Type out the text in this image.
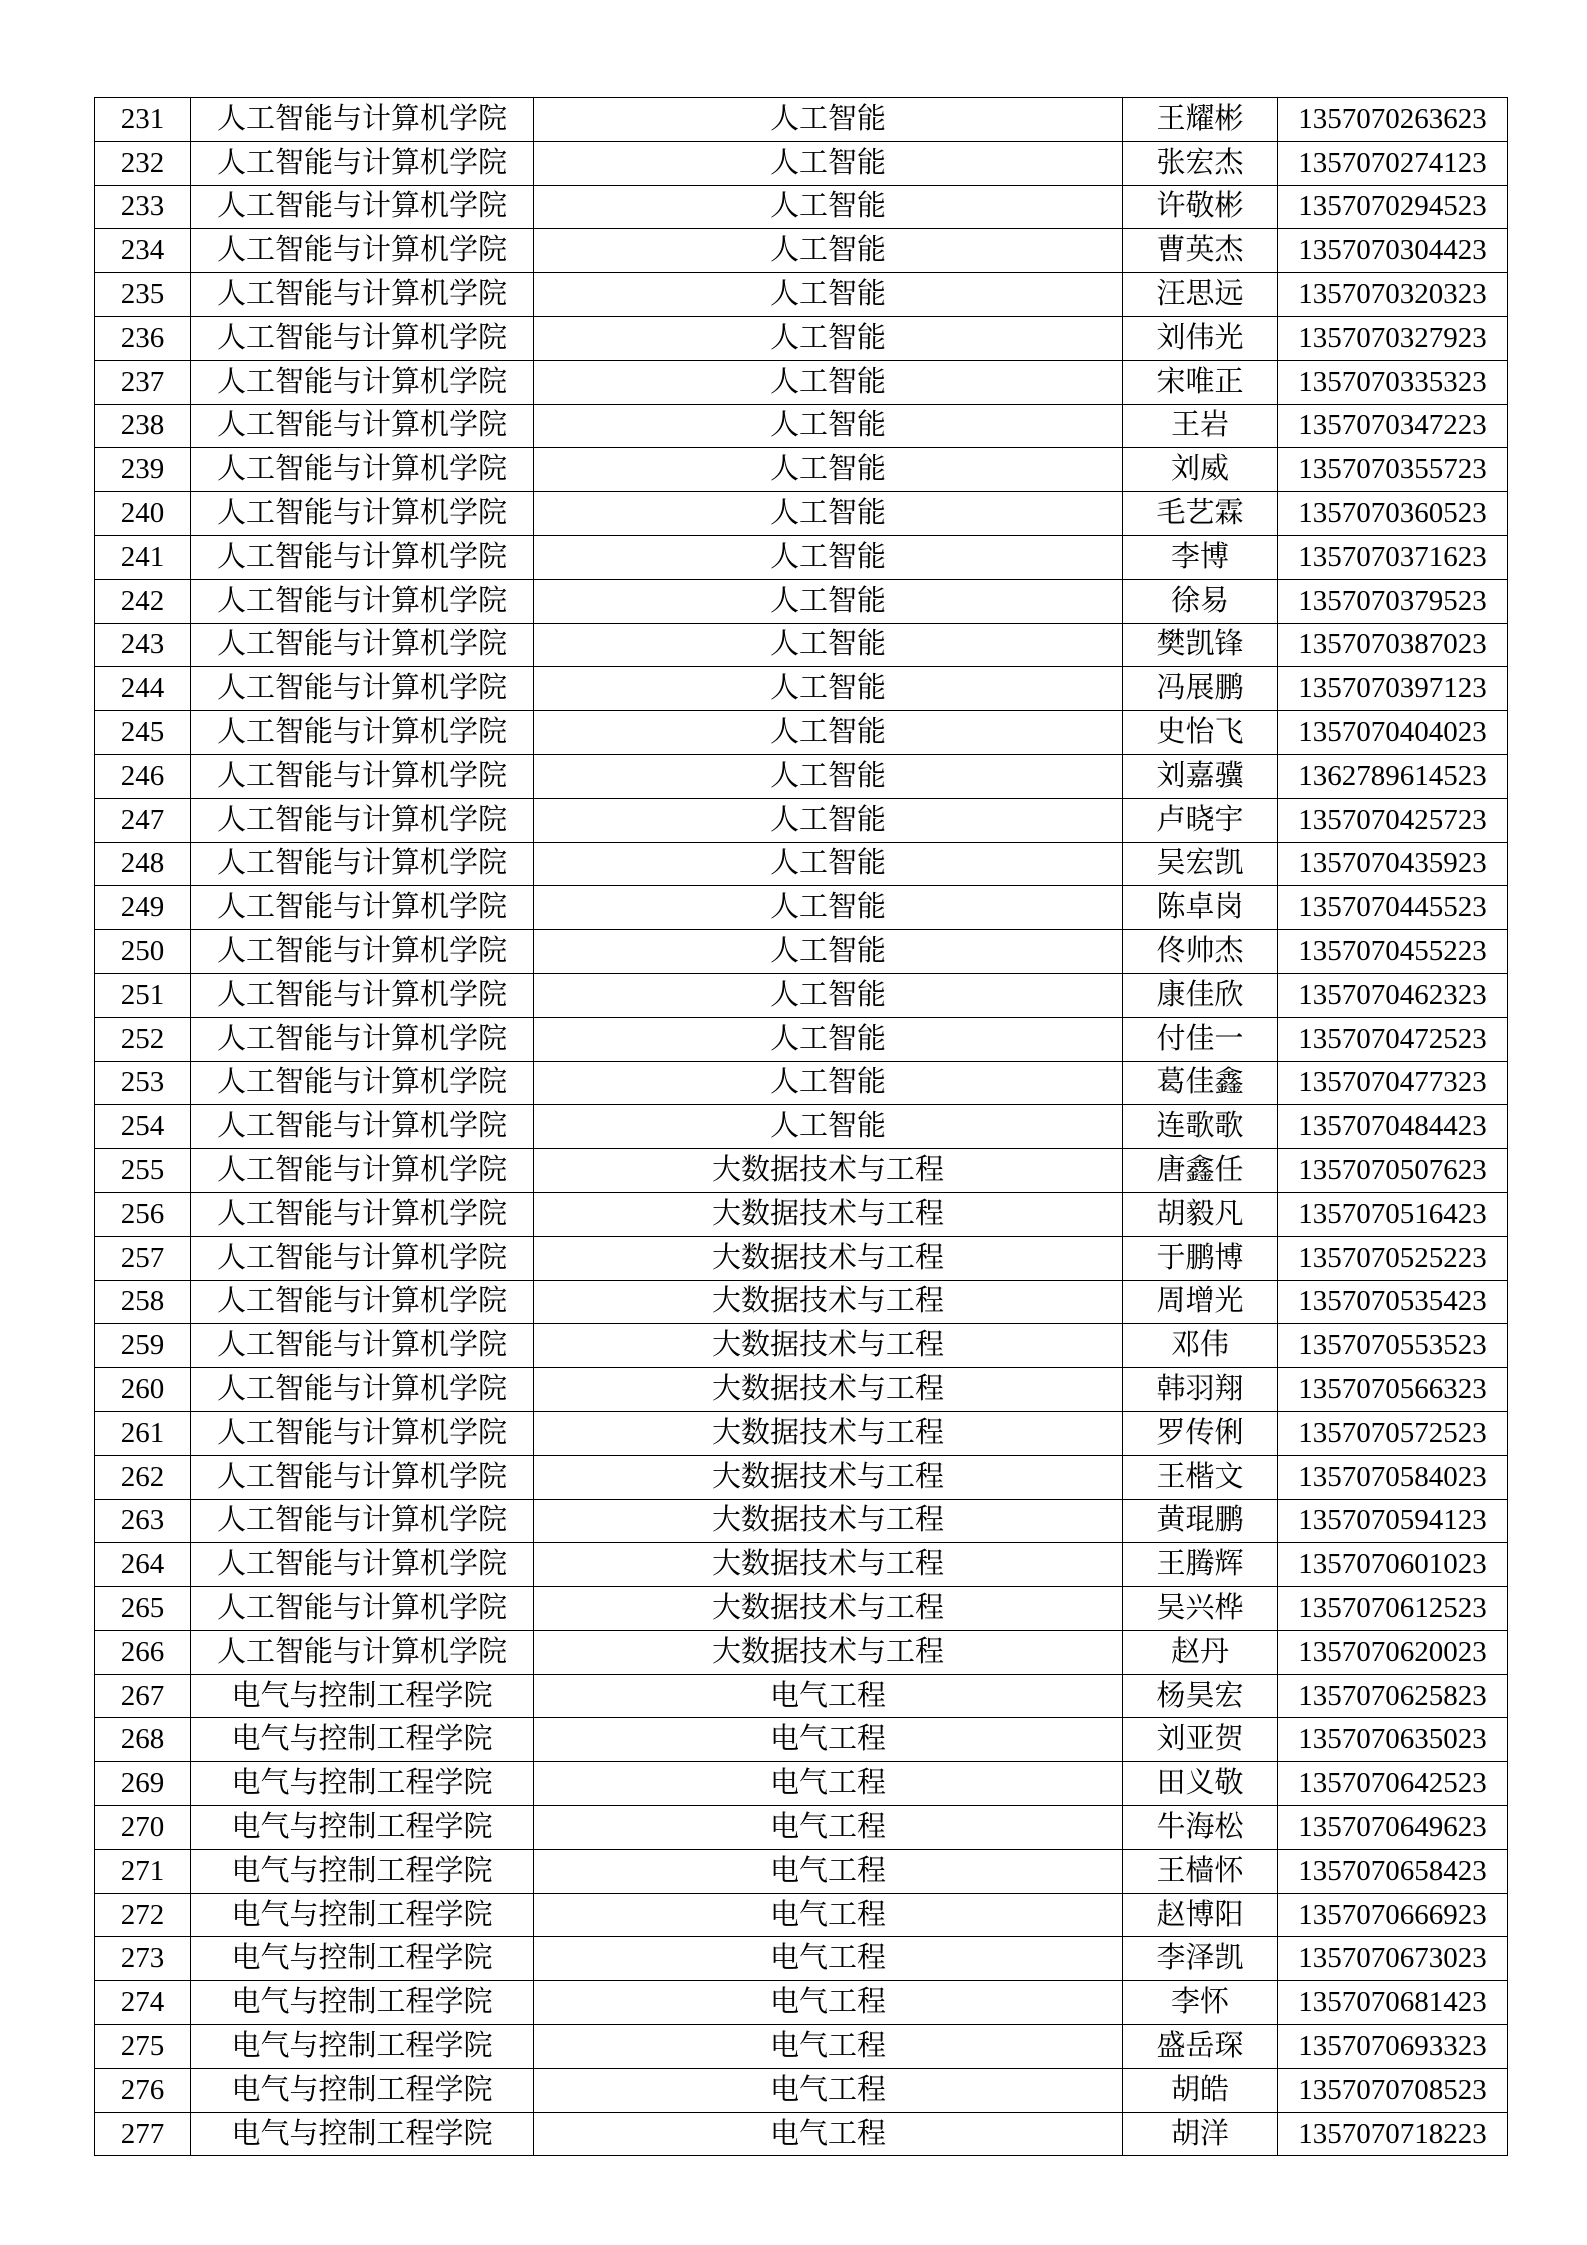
231	人工智能与计算机学院	人工智能	王耀彬	1357070263623
232	人工智能与计算机学院	人工智能	张宏杰	1357070274123
233	人工智能与计算机学院	人工智能	许敬彬	1357070294523
234	人工智能与计算机学院	人工智能	曹英杰	1357070304423
235	人工智能与计算机学院	人工智能	汪思远	1357070320323
236	人工智能与计算机学院	人工智能	刘伟光	1357070327923
237	人工智能与计算机学院	人工智能	宋唯正	1357070335323
238	人工智能与计算机学院	人工智能	王岩	1357070347223
239	人工智能与计算机学院	人工智能	刘威	1357070355723
240	人工智能与计算机学院	人工智能	毛艺霖	1357070360523
241	人工智能与计算机学院	人工智能	李博	1357070371623
242	人工智能与计算机学院	人工智能	徐易	1357070379523
243	人工智能与计算机学院	人工智能	樊凯锋	1357070387023
244	人工智能与计算机学院	人工智能	冯展鹏	1357070397123
245	人工智能与计算机学院	人工智能	史怡飞	1357070404023
246	人工智能与计算机学院	人工智能	刘嘉骥	1362789614523
247	人工智能与计算机学院	人工智能	卢晓宇	1357070425723
248	人工智能与计算机学院	人工智能	吴宏凯	1357070435923
249	人工智能与计算机学院	人工智能	陈卓岗	1357070445523
250	人工智能与计算机学院	人工智能	佟帅杰	1357070455223
251	人工智能与计算机学院	人工智能	康佳欣	1357070462323
252	人工智能与计算机学院	人工智能	付佳一	1357070472523
253	人工智能与计算机学院	人工智能	葛佳鑫	1357070477323
254	人工智能与计算机学院	人工智能	连歌歌	1357070484423
255	人工智能与计算机学院	大数据技术与工程	唐鑫任	1357070507623
256	人工智能与计算机学院	大数据技术与工程	胡毅凡	1357070516423
257	人工智能与计算机学院	大数据技术与工程	于鹏博	1357070525223
258	人工智能与计算机学院	大数据技术与工程	周增光	1357070535423
259	人工智能与计算机学院	大数据技术与工程	邓伟	1357070553523
260	人工智能与计算机学院	大数据技术与工程	韩羽翔	1357070566323
261	人工智能与计算机学院	大数据技术与工程	罗传俐	1357070572523
262	人工智能与计算机学院	大数据技术与工程	王楷文	1357070584023
263	人工智能与计算机学院	大数据技术与工程	黄琨鹏	1357070594123
264	人工智能与计算机学院	大数据技术与工程	王腾辉	1357070601023
265	人工智能与计算机学院	大数据技术与工程	吴兴桦	1357070612523
266	人工智能与计算机学院	大数据技术与工程	赵丹	1357070620023
267	电气与控制工程学院	电气工程	杨昊宏	1357070625823
268	电气与控制工程学院	电气工程	刘亚贺	1357070635023
269	电气与控制工程学院	电气工程	田义敬	1357070642523
270	电气与控制工程学院	电气工程	牛海松	1357070649623
271	电气与控制工程学院	电气工程	王樯怀	1357070658423
272	电气与控制工程学院	电气工程	赵博阳	1357070666923
273	电气与控制工程学院	电气工程	李泽凯	1357070673023
274	电气与控制工程学院	电气工程	李怀	1357070681423
275	电气与控制工程学院	电气工程	盛岳琛	1357070693323
276	电气与控制工程学院	电气工程	胡皓	1357070708523
277	电气与控制工程学院	电气工程	胡洋	1357070718223
